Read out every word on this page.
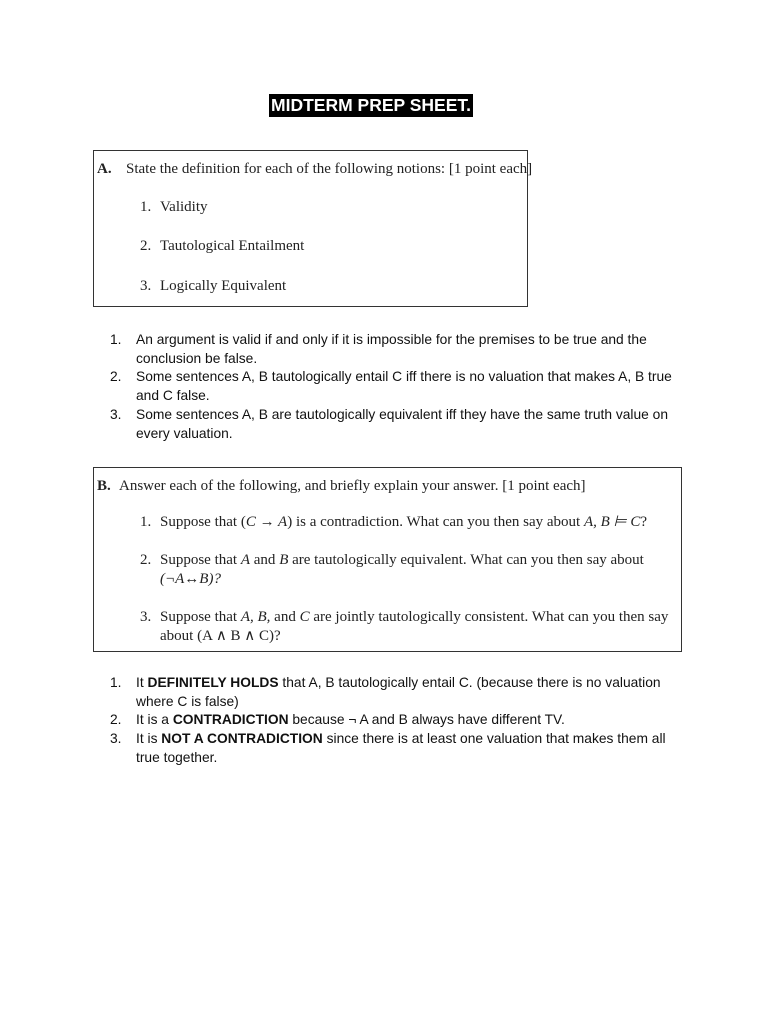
MIDTERM PREP SHEET.
A. State the definition for each of the following notions: [1 point each]
1. Validity
2. Tautological Entailment
3. Logically Equivalent
1. An argument is valid if and only if it is impossible for the premises to be true and the
conclusion be false.
2. Some sentences A, B tautologically entail C iff there is no valuation that makes A, B true
and C false.
3. Some sentences A, B are tautologically equivalent iff they have the same truth value on
every valuation.
B. Answer each of the following, and briefly explain your answer. [1 point each]
1. Suppose that (C → A) is a contradiction. What can you then say about A, B ⊨ C?
2. Suppose that A and B are tautologically equivalent. What can you then say about
(¬A↔B)?
3. Suppose that A, B, and C are jointly tautologically consistent. What can you then say
about (A ∧ B ∧ C)?
1. It DEFINITELY HOLDS that A, B tautologically entail C. (because there is no valuation
where C is false)
2. It is a CONTRADICTION because ¬ A and B always have different TV.
3. It is NOT A CONTRADICTION since there is at least one valuation that makes them all
true together.
